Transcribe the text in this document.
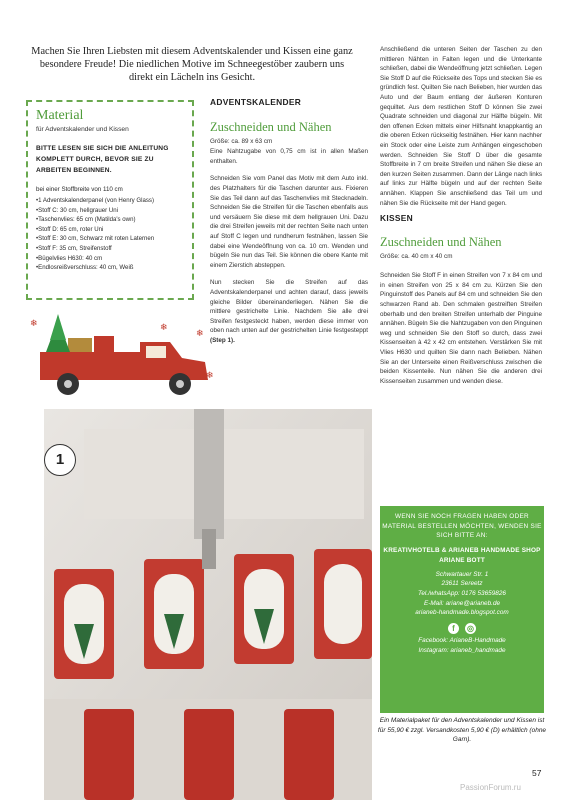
Machen Sie Ihren Liebsten mit diesem Adventskalender und Kissen eine ganz besondere Freude! Die niedlichen Motive im Schneegestöber zaubern uns direkt ein Lächeln ins Gesicht.
Material
für Adventskalender und Kissen
BITTE LESEN SIE SICH DIE ANLEITUNG KOMPLETT DURCH, BEVOR SIE ZU ARBEITEN BEGINNEN.
bei einer Stoffbreite von 110 cm
• 1 Adventskalenderpanel (von Henry Glass)
• Stoff C: 30 cm, hellgrauer Uni
• Taschenvlies: 65 cm (Matilda's own)
• Stoff D: 65 cm, roter Uni
• Stoff E: 30 cm, Schwarz mit roten Laternen
• Stoff F: 35 cm, Streifenstoff
• Bügelvlies H630: 40 cm
• Endlosreißverschluss: 40 cm, Weiß
❄
❄
❄
❄
ADVENTSKALENDER
Zuschneiden und Nähen
Größe: ca. 89 x 63 cm

Eine Nahtzugabe von 0,75 cm ist in allen Maßen enthalten.

Schneiden Sie vom Panel das Motiv mit dem Auto inkl. des Platzhalters für die Taschen darunter aus. Fixieren Sie das Teil dann auf das Taschenvlies mit Stecknadeln. Schneiden Sie die Streifen für die Taschen ebenfalls aus und versäuern Sie diese mit dem hellgrauen Uni. Dazu die drei Streifen jeweils mit der rechten Seite nach unten auf Stoff C legen und rundherum festnähen, lassen Sie dabei eine Wendeöffnung von ca. 10 cm. Wenden und bügeln Sie nun das Teil. Sie können die obere Kante mit einem Zierstich absteppen.

Nun stecken Sie die Streifen auf das Adventskalenderpanel und achten darauf, dass jeweils gleiche Bilder übereinanderliegen. Nähen Sie die mittlere gestrichelte Linie. Nachdem Sie alle drei Streifen festgesteckt haben, werden diese immer von oben nach unten auf der gestrichelten Linie festgesteppt (Step 1).

Anschließend die unteren Seiten der Taschen zu den mittleren Nähten in Falten legen und die Unterkante schließen, dabei die Wendeöffnung jetzt schließen. Legen Sie Stoff D auf die Rückseite des Tops und stecken Sie es gründlich fest. Quilten Sie nach Belieben, hier wurden das Auto und der Baum entlang der äußeren Konturen gequiltet. Aus dem restlichen Stoff D können Sie zwei Quadrate schneiden und diagonal zur Hälfte bügeln. Mit den offenen Ecken mittels einer Hilfsnaht knappkantig an die oberen Ecken rückseitig festnähen. Hier kann nachher ein Stock oder eine Leiste zum Anhängen eingeschoben werden. Schneiden Sie Stoff D über die gesamte Stoffbreite in 7 cm breite Streifen und nähen Sie diese an den kurzen Seiten zusammen. Dann der Länge nach links auf links zur Hälfte bügeln und auf der rechten Seite annähen. Klappen Sie anschließend das Teil um und nähen Sie die Rückseite mit der Hand gegen.

KISSEN
Zuschneiden und Nähen
Größe: ca. 40 cm x 40 cm

Schneiden Sie Stoff F in einen Streifen von 7 x 84 cm und in einen Streifen von 25 x 84 cm zu. Kürzen Sie den Pinguinstoff des Panels auf 84 cm und schneiden Sie den schwarzen Rand ab. Den schmalen gestreiften Streifen oberhalb und den breiten Streifen unterhalb der Pinguine annähen. Bügeln Sie die Nahtzugaben von den Pinguinen weg und schneiden Sie den Stoff so durch, dass zwei Kissenseiten à 42 x 42 cm entstehen. Verstärken Sie mit Vlies H630 und quilten Sie dann nach Belieben. Nähen Sie an der Unterseite einen Reißverschluss zwischen die beiden Kissenteile. Nun nähen Sie die anderen drei Kissenseiten zusammen und wenden diese.

1
WENN SIE NOCH FRAGEN HABEN ODER MATERIAL BESTELLEN MÖCHTEN, WENDEN SIE SICH BITTE AN:
KREATIVHOTELB & ARIANEB HANDMADE SHOP
ARIANE BOTT
Schwartauer Str. 1
23611 Sereetz
Tel./whatsApp: 0176 53659826
E-Mail: ariane@arianeb.de
arianeb-handmade.blogspot.com
f	◎
Facebook: ArianeB-Handmade
Instagram: arianeb_handmade
Ein Materialpaket für den Adventskalender und Kissen ist für 55,90 € zzgl. Versandkosten 5,90 € (D) erhältlich (ohne Garn).
57
PassionForum.ru
